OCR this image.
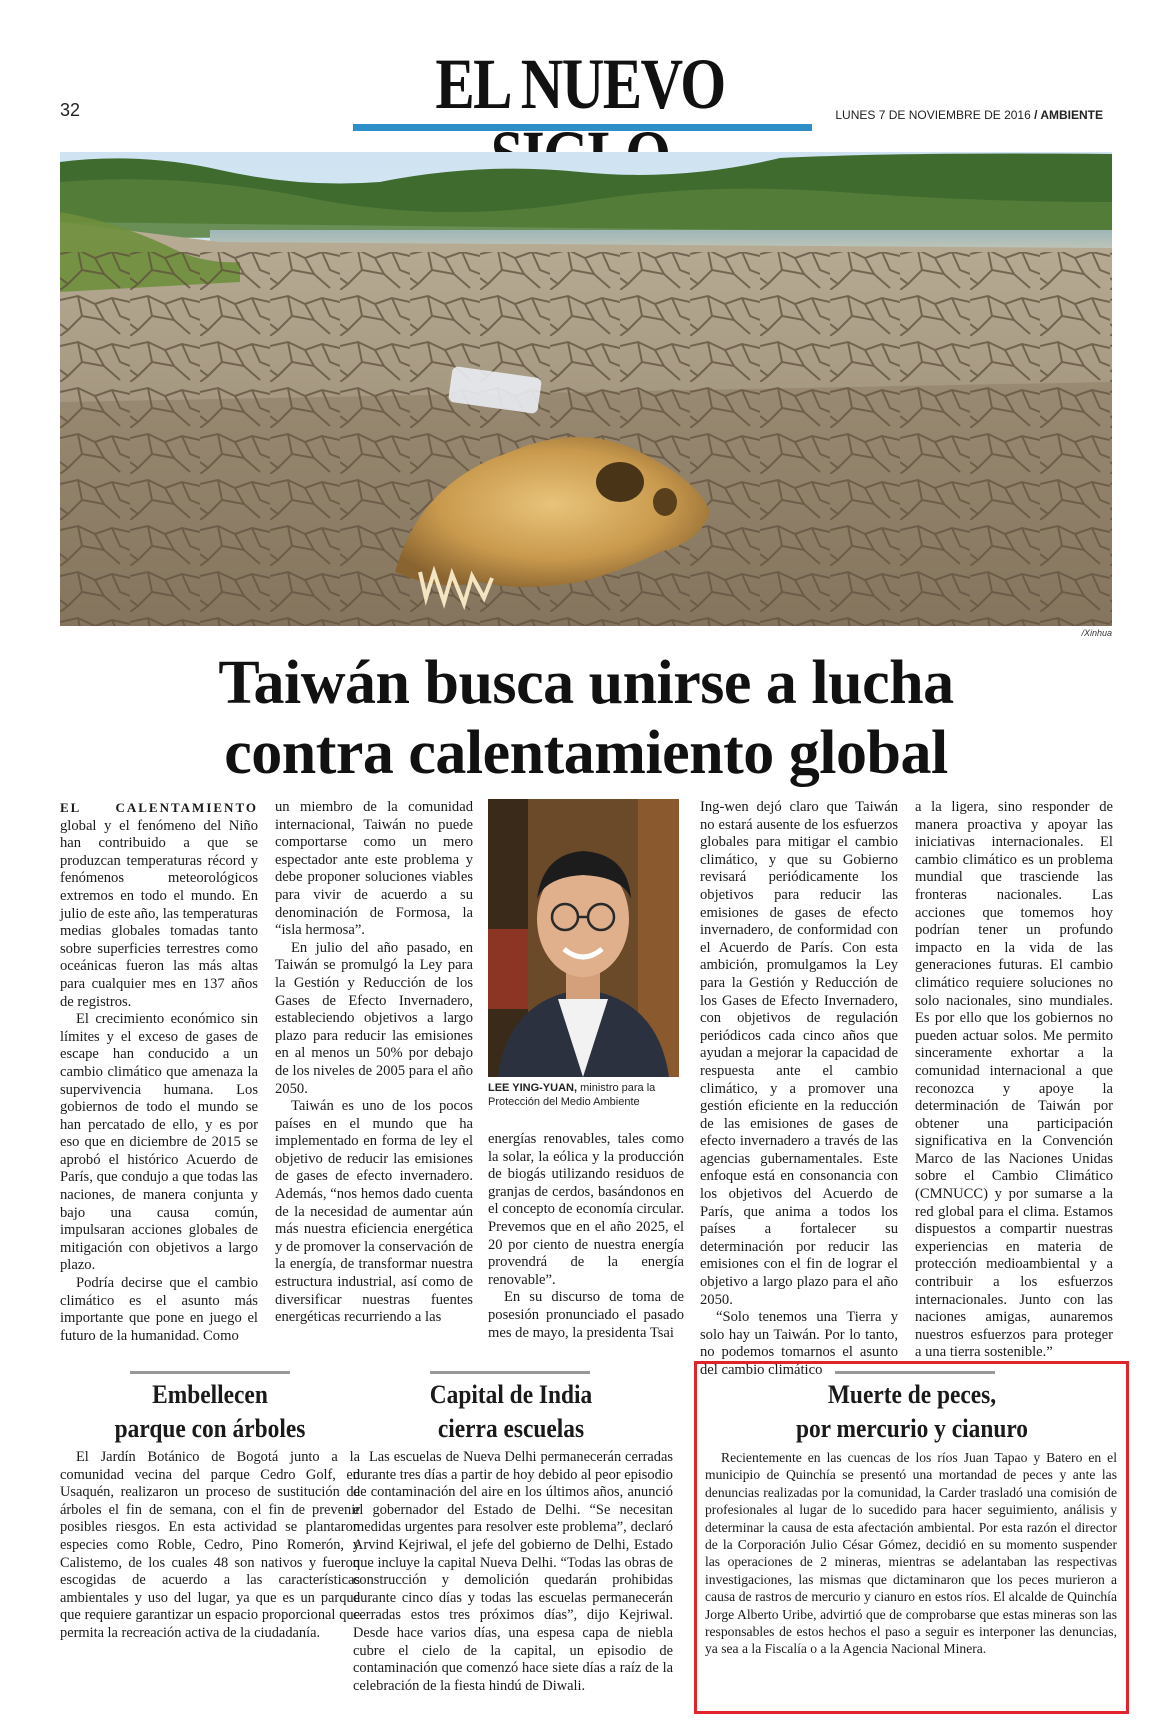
32	EL NUEVO	LUNES 7 DE NOVIEMBRE DE 2016 / AMBIENTE
/Xinhua
Taiwán busca unirse a lucha
contra calentamiento global

EL CALENTAMIENTO global y el fenómeno del Niño han contribuido a que se produzcan temperaturas récord y fenómenos meteorológicos extremos en todo el mundo. En julio de este año, las temperaturas medias globales tomadas tanto sobre superficies terrestres como oceánicas fueron las más altas para cualquier mes en 137 años de registros.

El crecimiento económico sin límites y el exceso de gases de escape han conducido a un cambio climático que amenaza la supervivencia humana. Los gobiernos de todo el mundo se han percatado de ello, y es por eso que en diciembre de 2015 se aprobó el histórico Acuerdo de París, que condujo a que todas las naciones, de manera conjunta y bajo una causa común, impulsaran acciones globales de mitigación con objetivos a largo plazo.

Podría decirse que el cambio climático es el asunto más importante que pone en juego el futuro de la humanidad. Como

un miembro de la comunidad internacional, Taiwán no puede comportarse como un mero espectador ante este problema y debe proponer soluciones viables para vivir de acuerdo a su denominación de Formosa, la “isla hermosa”.

En julio del año pasado, en Taiwán se promulgó la Ley para la Gestión y Reducción de los Gases de Efecto Invernadero, estableciendo objetivos a largo plazo para reducir las emisiones en al menos un 50% por debajo de los niveles de 2005 para el año 2050.

Taiwán es uno de los pocos países en el mundo que ha implementado en forma de ley el objetivo de reducir las emisiones de gases de efecto invernadero. Además, “nos hemos dado cuenta de la necesidad de aumentar aún más nuestra eficiencia energética y de promover la conservación de la energía, de transformar nuestra estructura industrial, así como de diversificar nuestras fuentes energéticas recurriendo a las

LEE YING-YUAN, ministro para la Protección del Medio Ambiente

energías renovables, tales como la solar, la eólica y la producción de biogás utilizando residuos de granjas de cerdos, basándonos en el concepto de economía circular. Prevemos que en el año 2025, el 20 por ciento de nuestra energía provendrá de la energía renovable”.

En su discurso de toma de posesión pronunciado el pasado mes de mayo, la presidenta Tsai

Ing-wen dejó claro que Taiwán no estará ausente de los esfuerzos globales para mitigar el cambio climático, y que su Gobierno revisará periódicamente los objetivos para reducir las emisiones de gases de efecto invernadero, de conformidad con el Acuerdo de París. Con esta ambición, promulgamos la Ley para la Gestión y Reducción de los Gases de Efecto Invernadero, con objetivos de regulación periódicos cada cinco años que ayudan a mejorar la capacidad de respuesta ante el cambio climático, y a promover una gestión eficiente en la reducción de las emisiones de gases de efecto invernadero a través de las agencias gubernamentales. Este enfoque está en consonancia con los objetivos del Acuerdo de París, que anima a todos los países a fortalecer su determinación por reducir las emisiones con el fin de lograr el objetivo a largo plazo para el año 2050.

“Solo tenemos una Tierra y solo hay un Taiwán. Por lo tanto, no podemos tomarnos el asunto del cambio climático

a la ligera, sino responder de manera proactiva y apoyar las iniciativas internacionales. El cambio climático es un problema mundial que trasciende las fronteras nacionales. Las acciones que tomemos hoy podrían tener un profundo impacto en la vida de las generaciones futuras. El cambio climático requiere soluciones no solo nacionales, sino mundiales. Es por ello que los gobiernos no pueden actuar solos. Me permito sinceramente exhortar a la comunidad internacional a que reconozca y apoye la determinación de Taiwán por obtener una participación significativa en la Convención Marco de las Naciones Unidas sobre el Cambio Climático (CMNUCC) y por sumarse a la red global para el clima. Estamos dispuestos a compartir nuestras experiencias en materia de protección medioambiental y a contribuir a los esfuerzos internacionales. Junto con las naciones amigas, aunaremos nuestros esfuerzos para proteger a una tierra sostenible.”

Embellecen
parque con árboles
El Jardín Botánico de Bogotá junto a la comunidad vecina del parque Cedro Golf, en Usaquén, realizaron un proceso de sustitución de árboles el fin de semana, con el fin de prevenir posibles riesgos. En esta actividad se plantaron especies como Roble, Cedro, Pino Romerón, y Calistemo, de los cuales 48 son nativos y fueron escogidas de acuerdo a las características ambientales y uso del lugar, ya que es un parque que requiere garantizar un espacio proporcional que permita la recreación activa de la ciudadanía.
Capital de India
cierra escuelas
Las escuelas de Nueva Delhi permanecerán cerradas durante tres días a partir de hoy debido al peor episodio de contaminación del aire en los últimos años, anunció el gobernador del Estado de Delhi. “Se necesitan medidas urgentes para resolver este problema”, declaró Arvind Kejriwal, el jefe del gobierno de Delhi, Estado que incluye la capital Nueva Delhi. “Todas las obras de construcción y demolición quedarán prohibidas durante cinco días y todas las escuelas permanecerán cerradas estos tres próximos días”, dijo Kejriwal. Desde hace varios días, una espesa capa de niebla cubre el cielo de la capital, un episodio de contaminación que comenzó hace siete días a raíz de la celebración de la fiesta hindú de Diwali.
Muerte de peces,
por mercurio y cianuro
Recientemente en las cuencas de los ríos Juan Tapao y Batero en el municipio de Quinchía se presentó una mortandad de peces y ante las denuncias realizadas por la comunidad, la Carder trasladó una comisión de profesionales al lugar de lo sucedido para hacer seguimiento, análisis y determinar la causa de esta afectación ambiental. Por esta razón el director de la Corporación Julio César Gómez, decidió en su momento suspender las operaciones de 2 mineras, mientras se adelantaban las respectivas investigaciones, las mismas que dictaminaron que los peces murieron a causa de rastros de mercurio y cianuro en estos ríos. El alcalde de Quinchía Jorge Alberto Uribe, advirtió que de comprobarse que estas mineras son las responsables de estos hechos el paso a seguir es interponer las denuncias, ya sea a la Fiscalía o a la Agencia Nacional Minera.
